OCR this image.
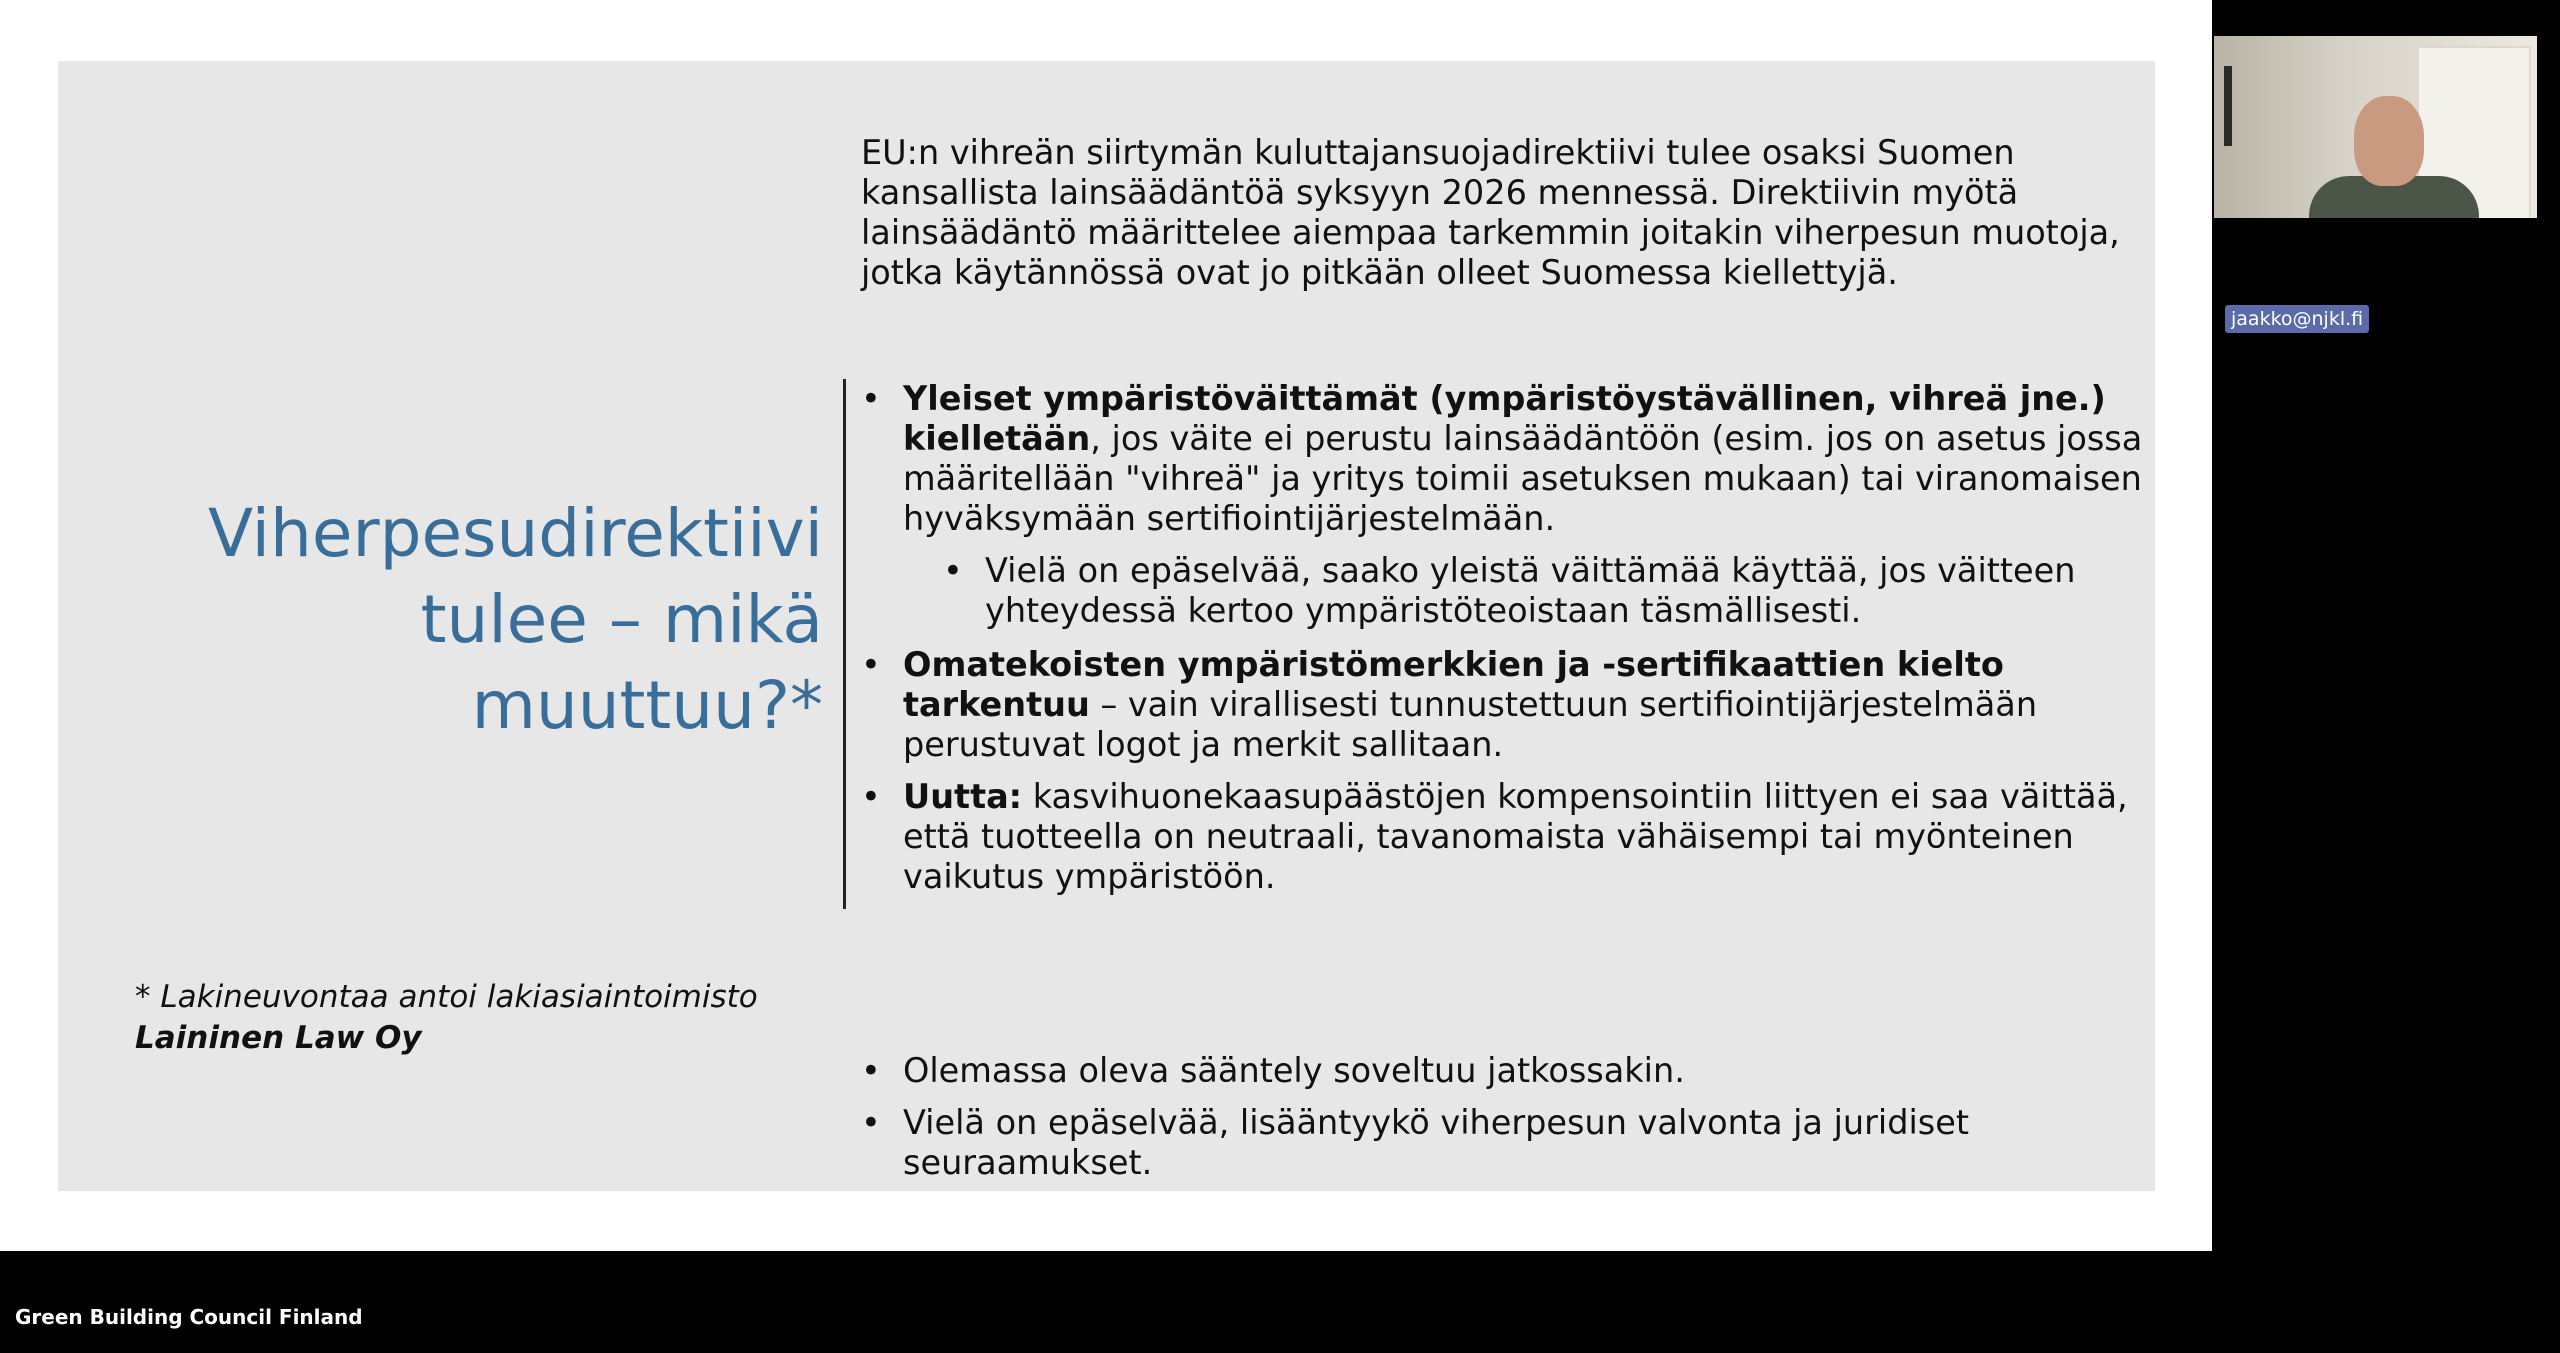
Viherpesudirektiivi
tulee – mikä
muuttuu?*
* Lakineuvontaa antoi lakiasiaintoimisto
Laininen Law Oy
EU:n vihreän siirtymän kuluttajansuojadirektiivi tulee osaksi Suomen kansallista lainsäädäntöä syksyyn 2026 mennessä. Direktiivin myötä lainsäädäntö määrittelee aiempaa tarkemmin joitakin viherpesun muotoja, jotka käytännössä ovat jo pitkään olleet Suomessa kiellettyjä.
• Yleiset ympäristöväittämät (ympäristöystävällinen, vihreä jne.) kielletään, jos väite ei perustu lainsäädäntöön (esim. jos on asetus jossa määritellään "vihreä" ja yritys toimii asetuksen mukaan) tai viranomaisen hyväksymään sertifiointijärjestelmään.
• Vielä on epäselvää, saako yleistä väittämää käyttää, jos väitteen yhteydessä kertoo ympäristöteoistaan täsmällisesti.
• Omatekoisten ympäristömerkkien ja -sertifikaattien kielto tarkentuu – vain virallisesti tunnustettuun sertifiointijärjestelmään perustuvat logot ja merkit sallitaan.
• Uutta: kasvihuonekaasupäästöjen kompensointiin liittyen ei saa väittää, että tuotteella on neutraali, tavanomaista vähäisempi tai myönteinen vaikutus ympäristöön.
• Olemassa oleva sääntely soveltuu jatkossakin.
• Vielä on epäselvää, lisääntyykö viherpesun valvonta ja juridiset seuraamukset.
jaakko@njkl.fi
Green Building Council Finland
